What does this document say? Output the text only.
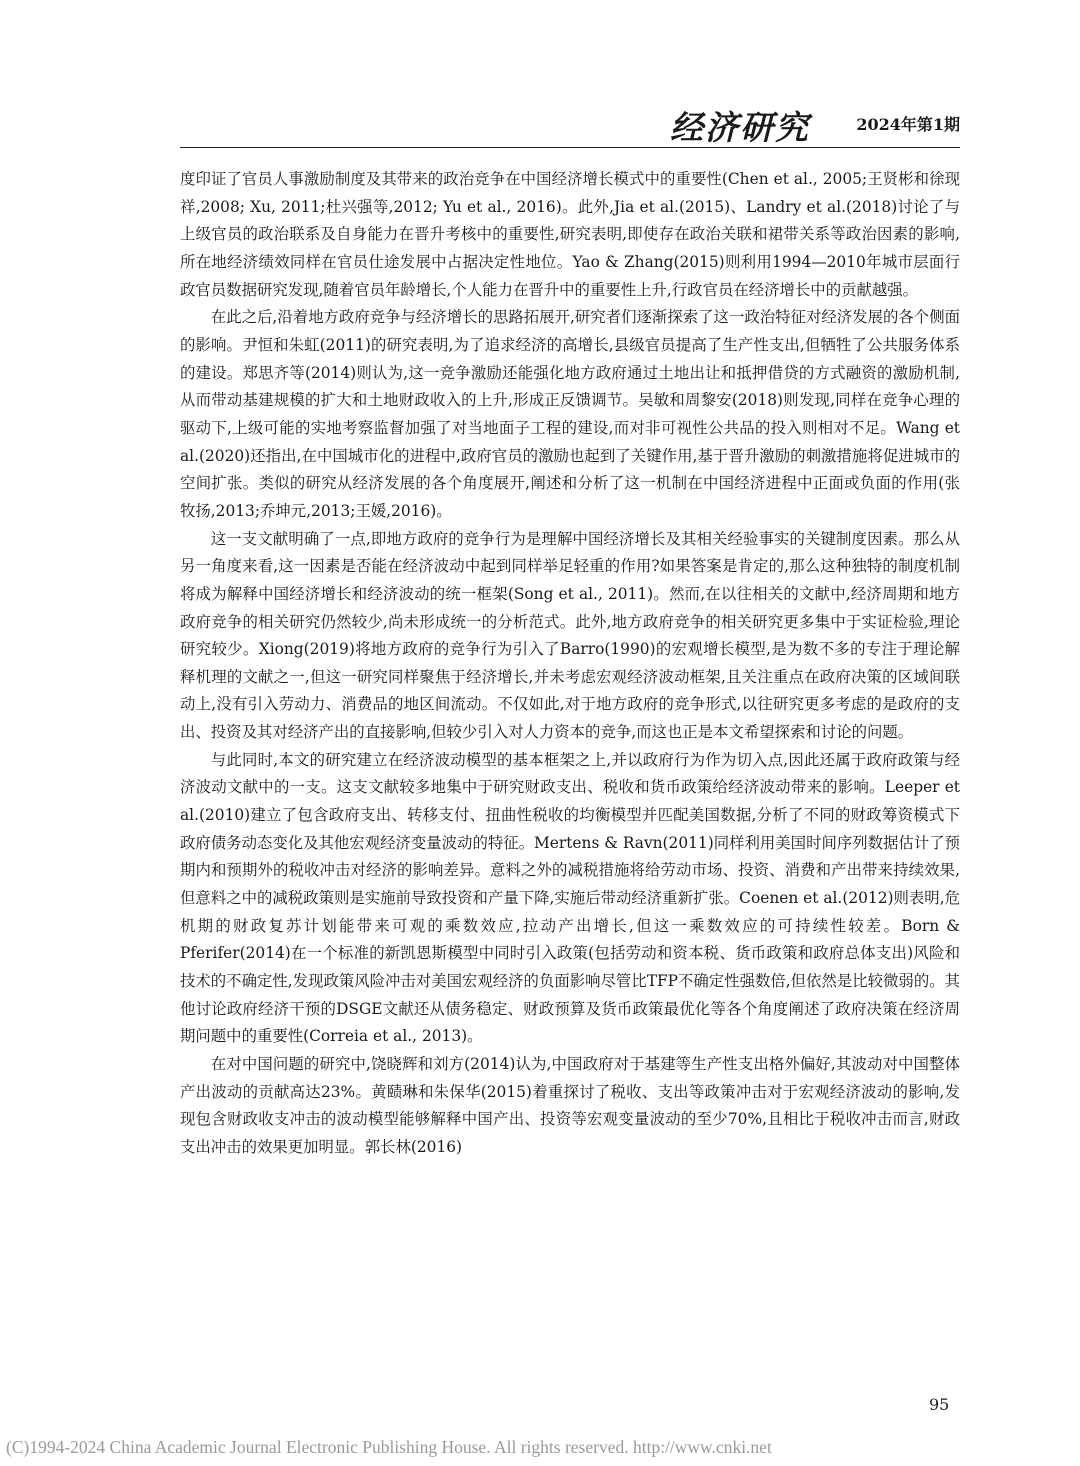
经济研究	2024年第1期

度印证了官员人事激励制度及其带来的政治竞争在中国经济增长模式中的重要性(Chen et al., 2005;王贤彬和徐现祥,2008; Xu, 2011;杜兴强等,2012; Yu et al., 2016)。此外,Jia et al.(2015)、Landry et al.(2018)讨论了与上级官员的政治联系及自身能力在晋升考核中的重要性,研究表明,即使存在政治关联和裙带关系等政治因素的影响,所在地经济绩效同样在官员仕途发展中占据决定性地位。Yao & Zhang(2015)则利用1994—2010年城市层面行政官员数据研究发现,随着官员年龄增长,个人能力在晋升中的重要性上升,行政官员在经济增长中的贡献越强。

在此之后,沿着地方政府竞争与经济增长的思路拓展开,研究者们逐渐探索了这一政治特征对经济发展的各个侧面的影响。尹恒和朱虹(2011)的研究表明,为了追求经济的高增长,县级官员提高了生产性支出,但牺牲了公共服务体系的建设。郑思齐等(2014)则认为,这一竞争激励还能强化地方政府通过土地出让和抵押借贷的方式融资的激励机制,从而带动基建规模的扩大和土地财政收入的上升,形成正反馈调节。吴敏和周黎安(2018)则发现,同样在竞争心理的驱动下,上级可能的实地考察监督加强了对当地面子工程的建设,而对非可视性公共品的投入则相对不足。Wang et al.(2020)还指出,在中国城市化的进程中,政府官员的激励也起到了关键作用,基于晋升激励的刺激措施将促进城市的空间扩张。类似的研究从经济发展的各个角度展开,阐述和分析了这一机制在中国经济进程中正面或负面的作用(张牧扬,2013;乔坤元,2013;王媛,2016)。

这一支文献明确了一点,即地方政府的竞争行为是理解中国经济增长及其相关经验事实的关键制度因素。那么从另一角度来看,这一因素是否能在经济波动中起到同样举足轻重的作用?如果答案是肯定的,那么这种独特的制度机制将成为解释中国经济增长和经济波动的统一框架(Song et al., 2011)。然而,在以往相关的文献中,经济周期和地方政府竞争的相关研究仍然较少,尚未形成统一的分析范式。此外,地方政府竞争的相关研究更多集中于实证检验,理论研究较少。Xiong(2019)将地方政府的竞争行为引入了Barro(1990)的宏观增长模型,是为数不多的专注于理论解释机理的文献之一,但这一研究同样聚焦于经济增长,并未考虑宏观经济波动框架,且关注重点在政府决策的区域间联动上,没有引入劳动力、消费品的地区间流动。不仅如此,对于地方政府的竞争形式,以往研究更多考虑的是政府的支出、投资及其对经济产出的直接影响,但较少引入对人力资本的竞争,而这也正是本文希望探索和讨论的问题。

与此同时,本文的研究建立在经济波动模型的基本框架之上,并以政府行为作为切入点,因此还属于政府政策与经济波动文献中的一支。这支文献较多地集中于研究财政支出、税收和货币政策给经济波动带来的影响。Leeper et al.(2010)建立了包含政府支出、转移支付、扭曲性税收的均衡模型并匹配美国数据,分析了不同的财政筹资模式下政府债务动态变化及其他宏观经济变量波动的特征。Mertens & Ravn(2011)同样利用美国时间序列数据估计了预期内和预期外的税收冲击对经济的影响差异。意料之外的减税措施将给劳动市场、投资、消费和产出带来持续效果,但意料之中的减税政策则是实施前导致投资和产量下降,实施后带动经济重新扩张。Coenen et al.(2012)则表明,危机期的财政复苏计划能带来可观的乘数效应,拉动产出增长,但这一乘数效应的可持续性较差。Born & Pferifer(2014)在一个标准的新凯恩斯模型中同时引入政策(包括劳动和资本税、货币政策和政府总体支出)风险和技术的不确定性,发现政策风险冲击对美国宏观经济的负面影响尽管比TFP不确定性强数倍,但依然是比较微弱的。其他讨论政府经济干预的DSGE文献还从债务稳定、财政预算及货币政策最优化等各个角度阐述了政府决策在经济周期问题中的重要性(Correia et al., 2013)。

在对中国问题的研究中,饶晓辉和刘方(2014)认为,中国政府对于基建等生产性支出格外偏好,其波动对中国整体产出波动的贡献高达23%。黄赜琳和朱保华(2015)着重探讨了税收、支出等政策冲击对于宏观经济波动的影响,发现包含财政收支冲击的波动模型能够解释中国产出、投资等宏观变量波动的至少70%,且相比于税收冲击而言,财政支出冲击的效果更加明显。郭长林(2016)

95
(C)1994-2024 China Academic Journal Electronic Publishing House. All rights reserved. http://www.cnki.net
